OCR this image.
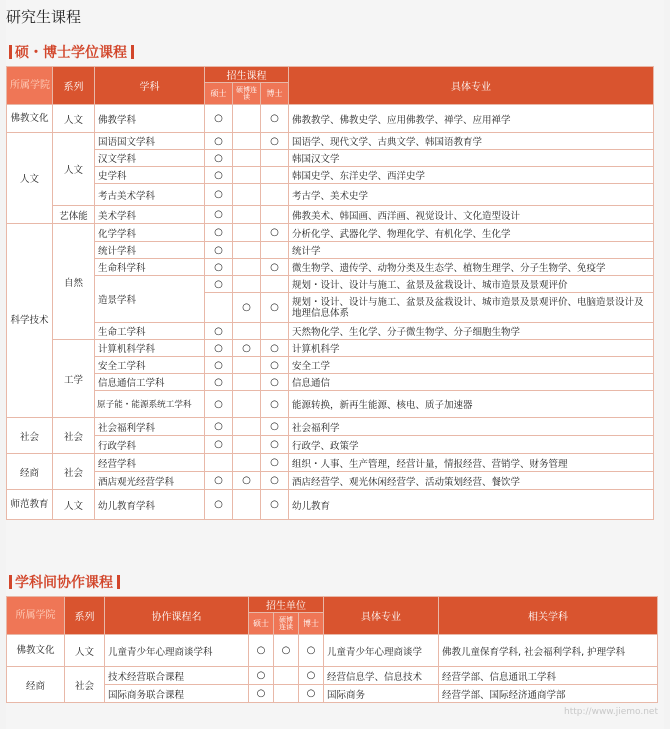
研究生课程
硕・博士学位课程
所属学院	系列	学科	招生课程			具体专业
			硕士	硕博连读	博士	
佛教文化	人文	佛教学科	○		○	佛教教学、佛教史学、应用佛教学、禅学、应用禅学
人文	人文	国语国文学科	○		○	国语学、现代文学、古典文学、韩国语教育学
		汉文学科	○			韩国汉文学
		史学科	○			韩国史学、东洋史学、西洋史学
		考古美术学科	○			考古学、美术史学
	艺体能	美术学科	○			佛教美术、韩国画、西洋画、视觉设计、文化造型设计
科学技术	自然	化学学科	○		○	分析化学、武器化学、物理化学、有机化学、生化学
		统计学科	○			统计学
		生命科学科	○		○	微生物学、遗传学、动物分类及生态学、植物生理学、分子生物学、免疫学
		造景学科	○			规划・设计、设计与施工、盆景及盆栽设计、城市造景及景观评价
				○	○	规划・设计、设计与施工、盆景及盆栽设计、城市造景及景观评价、电脑造景设计及地理信息体系
		生命工学科	○			天然物化学、生化学、分子微生物学、分子细胞生物学
	工学	计算机科学科	○	○	○	计算机科学
		安全工学科	○		○	安全工学
		信息通信工学科	○		○	信息通信
		原子能・能源系统工学科	○		○	能源转换，新再生能源、核电、质子加速器
社会	社会	社会福利学科	○		○	社会福利学
		行政学科	○		○	行政学、政策学
经商	社会	经营学科			○	组织・人事、生产管理，经营计量，情报经营、营销学、财务管理
		酒店观光经营学科	○	○	○	酒店经营学、观光休闲经营学、活动策划经营、餐饮学
师范教育	人文	幼儿教育学科	○		○	幼儿教育
学科间协作课程
所属学院	系列	协作课程名	招生单位			具体专业	相关学科
			硕士	硕博连读	博士		
佛教文化	人文	儿童青少年心理商谈学科	○	○	○	儿童青少年心理商谈学	佛教儿童保育学科, 社会福利学科, 护理学科
经商	社会	技术经营联合课程	○		○	经营信息学、信息技术	经营学部、信息通讯工学科
		国际商务联合课程	○		○	国际商务	经营学部、国际经济通商学部
http://www.jiemo.net
